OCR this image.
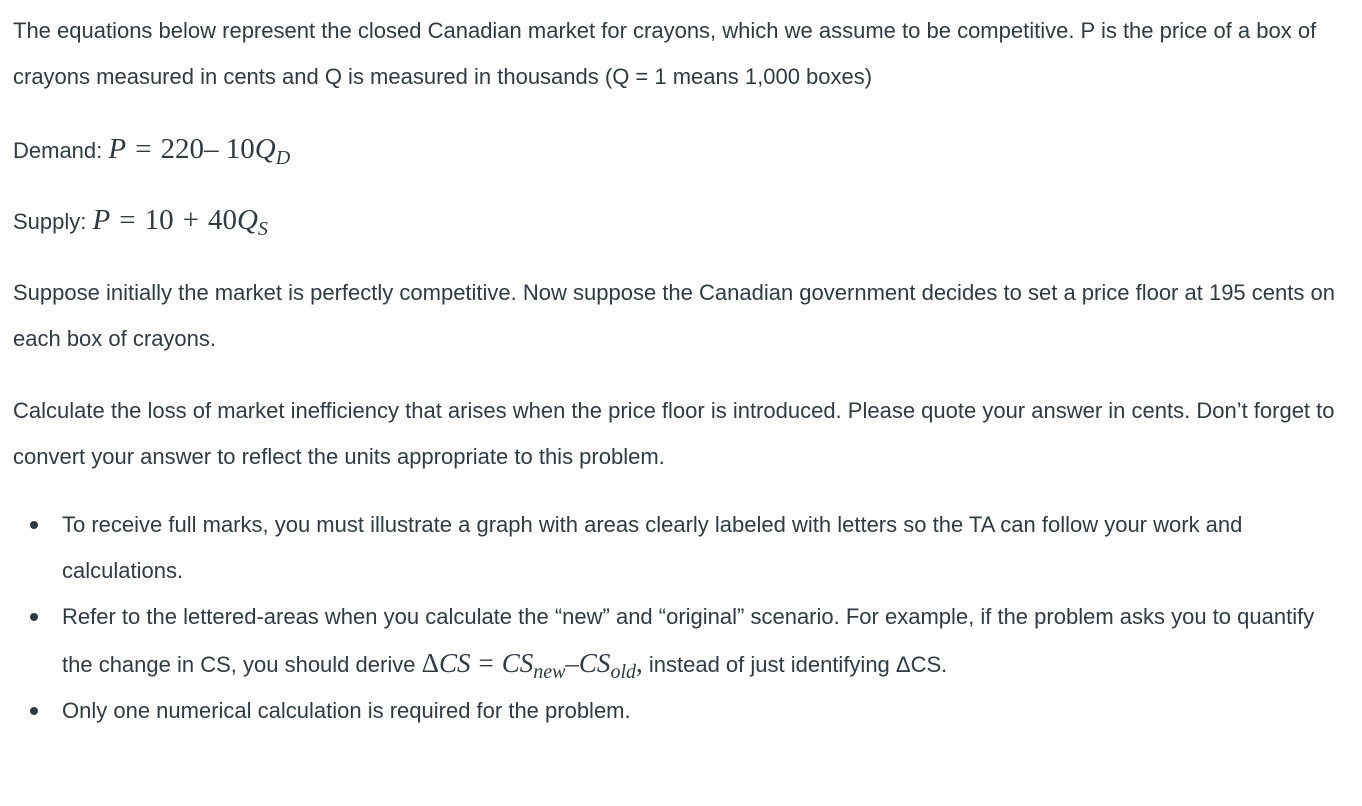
The equations below represent the closed Canadian market for crayons, which we assume to be competitive. P is the price of a box of crayons measured in cents and Q is measured in thousands (Q = 1 means 1,000 boxes)

Demand: P = 220– $10Q_D$
Supply: $P = 10 + 40Q_S$

Suppose initially the market is perfectly competitive. Now suppose the Canadian government decides to set a price floor at 195 cents on each box of crayons.

Calculate the loss of market inefficiency that arises when the price floor is introduced. Please quote your answer in cents. Don’t forget to convert your answer to reflect the units appropriate to this problem.

To receive full marks, you must illustrate a graph with areas clearly labeled with letters so the TA can follow your work and calculations.
Refer to the lettered-areas when you calculate the “new” and “original” scenario. For example, if the problem asks you to quantify the change in CS, you should derive $\Delta CS = CS_{new}-CS_{old}$, instead of just identifying ΔCS.
Only one numerical calculation is required for the problem.
